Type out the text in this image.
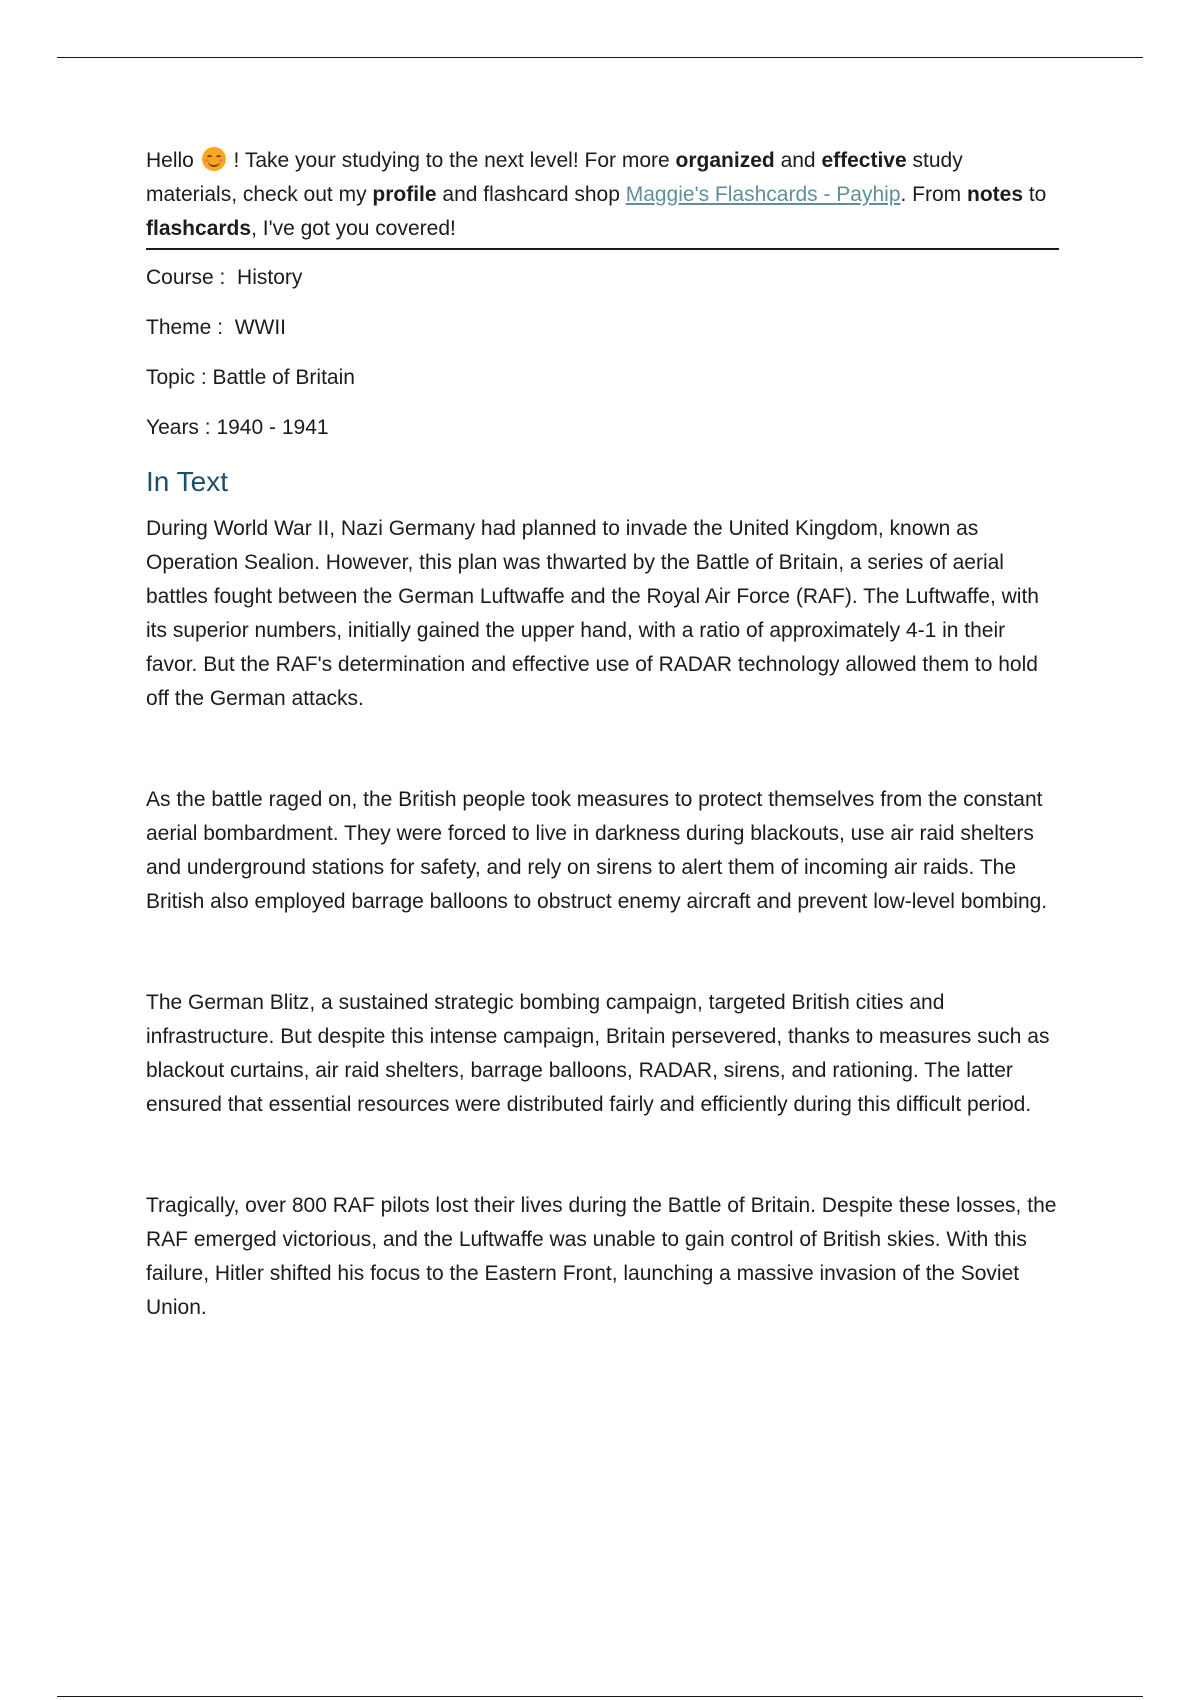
Hello
! Take your studying to the next level! For more organized and effective study materials, check out my profile and flashcard shop Maggie's Flashcards - Payhip. From notes to flashcards, I've got you covered!

Course : History

Theme : WWII

Topic : Battle of Britain

Years : 1940 - 1941

In Text

During World War II, Nazi Germany had planned to invade the United Kingdom, known as Operation Sealion. However, this plan was thwarted by the Battle of Britain, a series of aerial battles fought between the German Luftwaffe and the Royal Air Force (RAF). The Luftwaffe, with its superior numbers, initially gained the upper hand, with a ratio of approximately 4-1 in their favor. But the RAF's determination and effective use of RADAR technology allowed them to hold off the German attacks.

As the battle raged on, the British people took measures to protect themselves from the constant aerial bombardment. They were forced to live in darkness during blackouts, use air raid shelters and underground stations for safety, and rely on sirens to alert them of incoming air raids. The British also employed barrage balloons to obstruct enemy aircraft and prevent low-level bombing.

The German Blitz, a sustained strategic bombing campaign, targeted British cities and infrastructure. But despite this intense campaign, Britain persevered, thanks to measures such as blackout curtains, air raid shelters, barrage balloons, RADAR, sirens, and rationing. The latter ensured that essential resources were distributed fairly and efficiently during this difficult period.

Tragically, over 800 RAF pilots lost their lives during the Battle of Britain. Despite these losses, the RAF emerged victorious, and the Luftwaffe was unable to gain control of British skies. With this failure, Hitler shifted his focus to the Eastern Front, launching a massive invasion of the Soviet Union.
